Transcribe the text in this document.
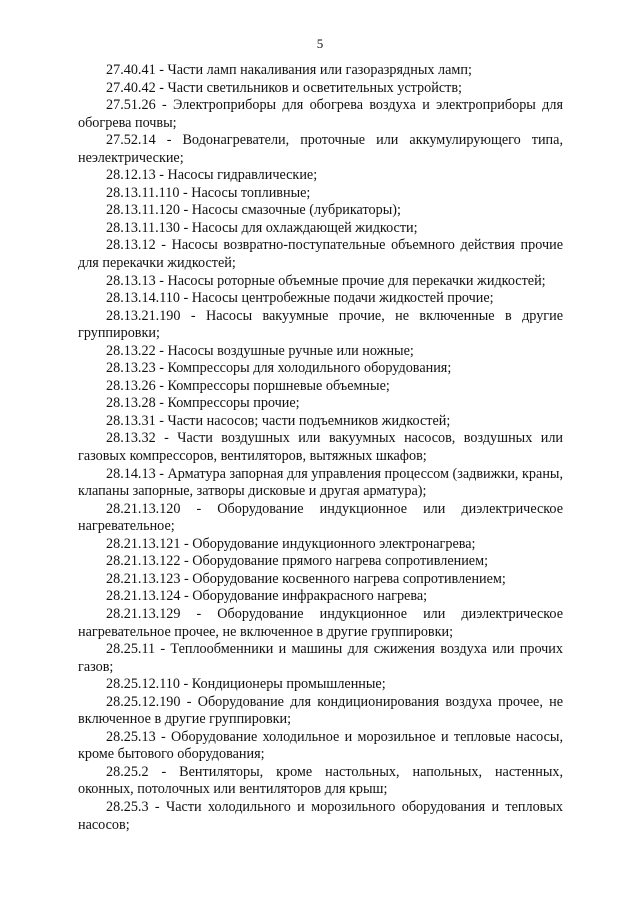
5

27.40.41 - Части ламп накаливания или газоразрядных ламп;

27.40.42 - Части светильников и осветительных устройств;

27.51.26 - Электроприборы для обогрева воздуха и электроприборы для обогрева почвы;

27.52.14 - Водонагреватели, проточные или аккумулирующего типа, неэлектрические;

28.12.13 - Насосы гидравлические;

28.13.11.110 - Насосы топливные;

28.13.11.120 - Насосы смазочные (лубрикаторы);

28.13.11.130 - Насосы для охлаждающей жидкости;

28.13.12 - Насосы возвратно-поступательные объемного действия прочие для перекачки жидкостей;

28.13.13 - Насосы роторные объемные прочие для перекачки жидкостей;

28.13.14.110 - Насосы центробежные подачи жидкостей прочие;

28.13.21.190 - Насосы вакуумные прочие, не включенные в другие группировки;

28.13.22 - Насосы воздушные ручные или ножные;

28.13.23 - Компрессоры для холодильного оборудования;

28.13.26 - Компрессоры поршневые объемные;

28.13.28 - Компрессоры прочие;

28.13.31 - Части насосов; части подъемников жидкостей;

28.13.32 - Части воздушных или вакуумных насосов, воздушных или газовых компрессоров, вентиляторов, вытяжных шкафов;

28.14.13 - Арматура запорная для управления процессом (задвижки, краны, клапаны запорные, затворы дисковые и другая арматура);

28.21.13.120 - Оборудование индукционное или диэлектрическое нагревательное;

28.21.13.121 - Оборудование индукционного электронагрева;

28.21.13.122 - Оборудование прямого нагрева сопротивлением;

28.21.13.123 - Оборудование косвенного нагрева сопротивлением;

28.21.13.124 - Оборудование инфракрасного нагрева;

28.21.13.129 - Оборудование индукционное или диэлектрическое нагревательное прочее, не включенное в другие группировки;

28.25.11 - Теплообменники и машины для сжижения воздуха или прочих газов;

28.25.12.110 - Кондиционеры промышленные;

28.25.12.190 - Оборудование для кондиционирования воздуха прочее, не включенное в другие группировки;

28.25.13 - Оборудование холодильное и морозильное и тепловые насосы, кроме бытового оборудования;

28.25.2 - Вентиляторы, кроме настольных, напольных, настенных, оконных, потолочных или вентиляторов для крыш;

28.25.3 - Части холодильного и морозильного оборудования и тепловых насосов;
